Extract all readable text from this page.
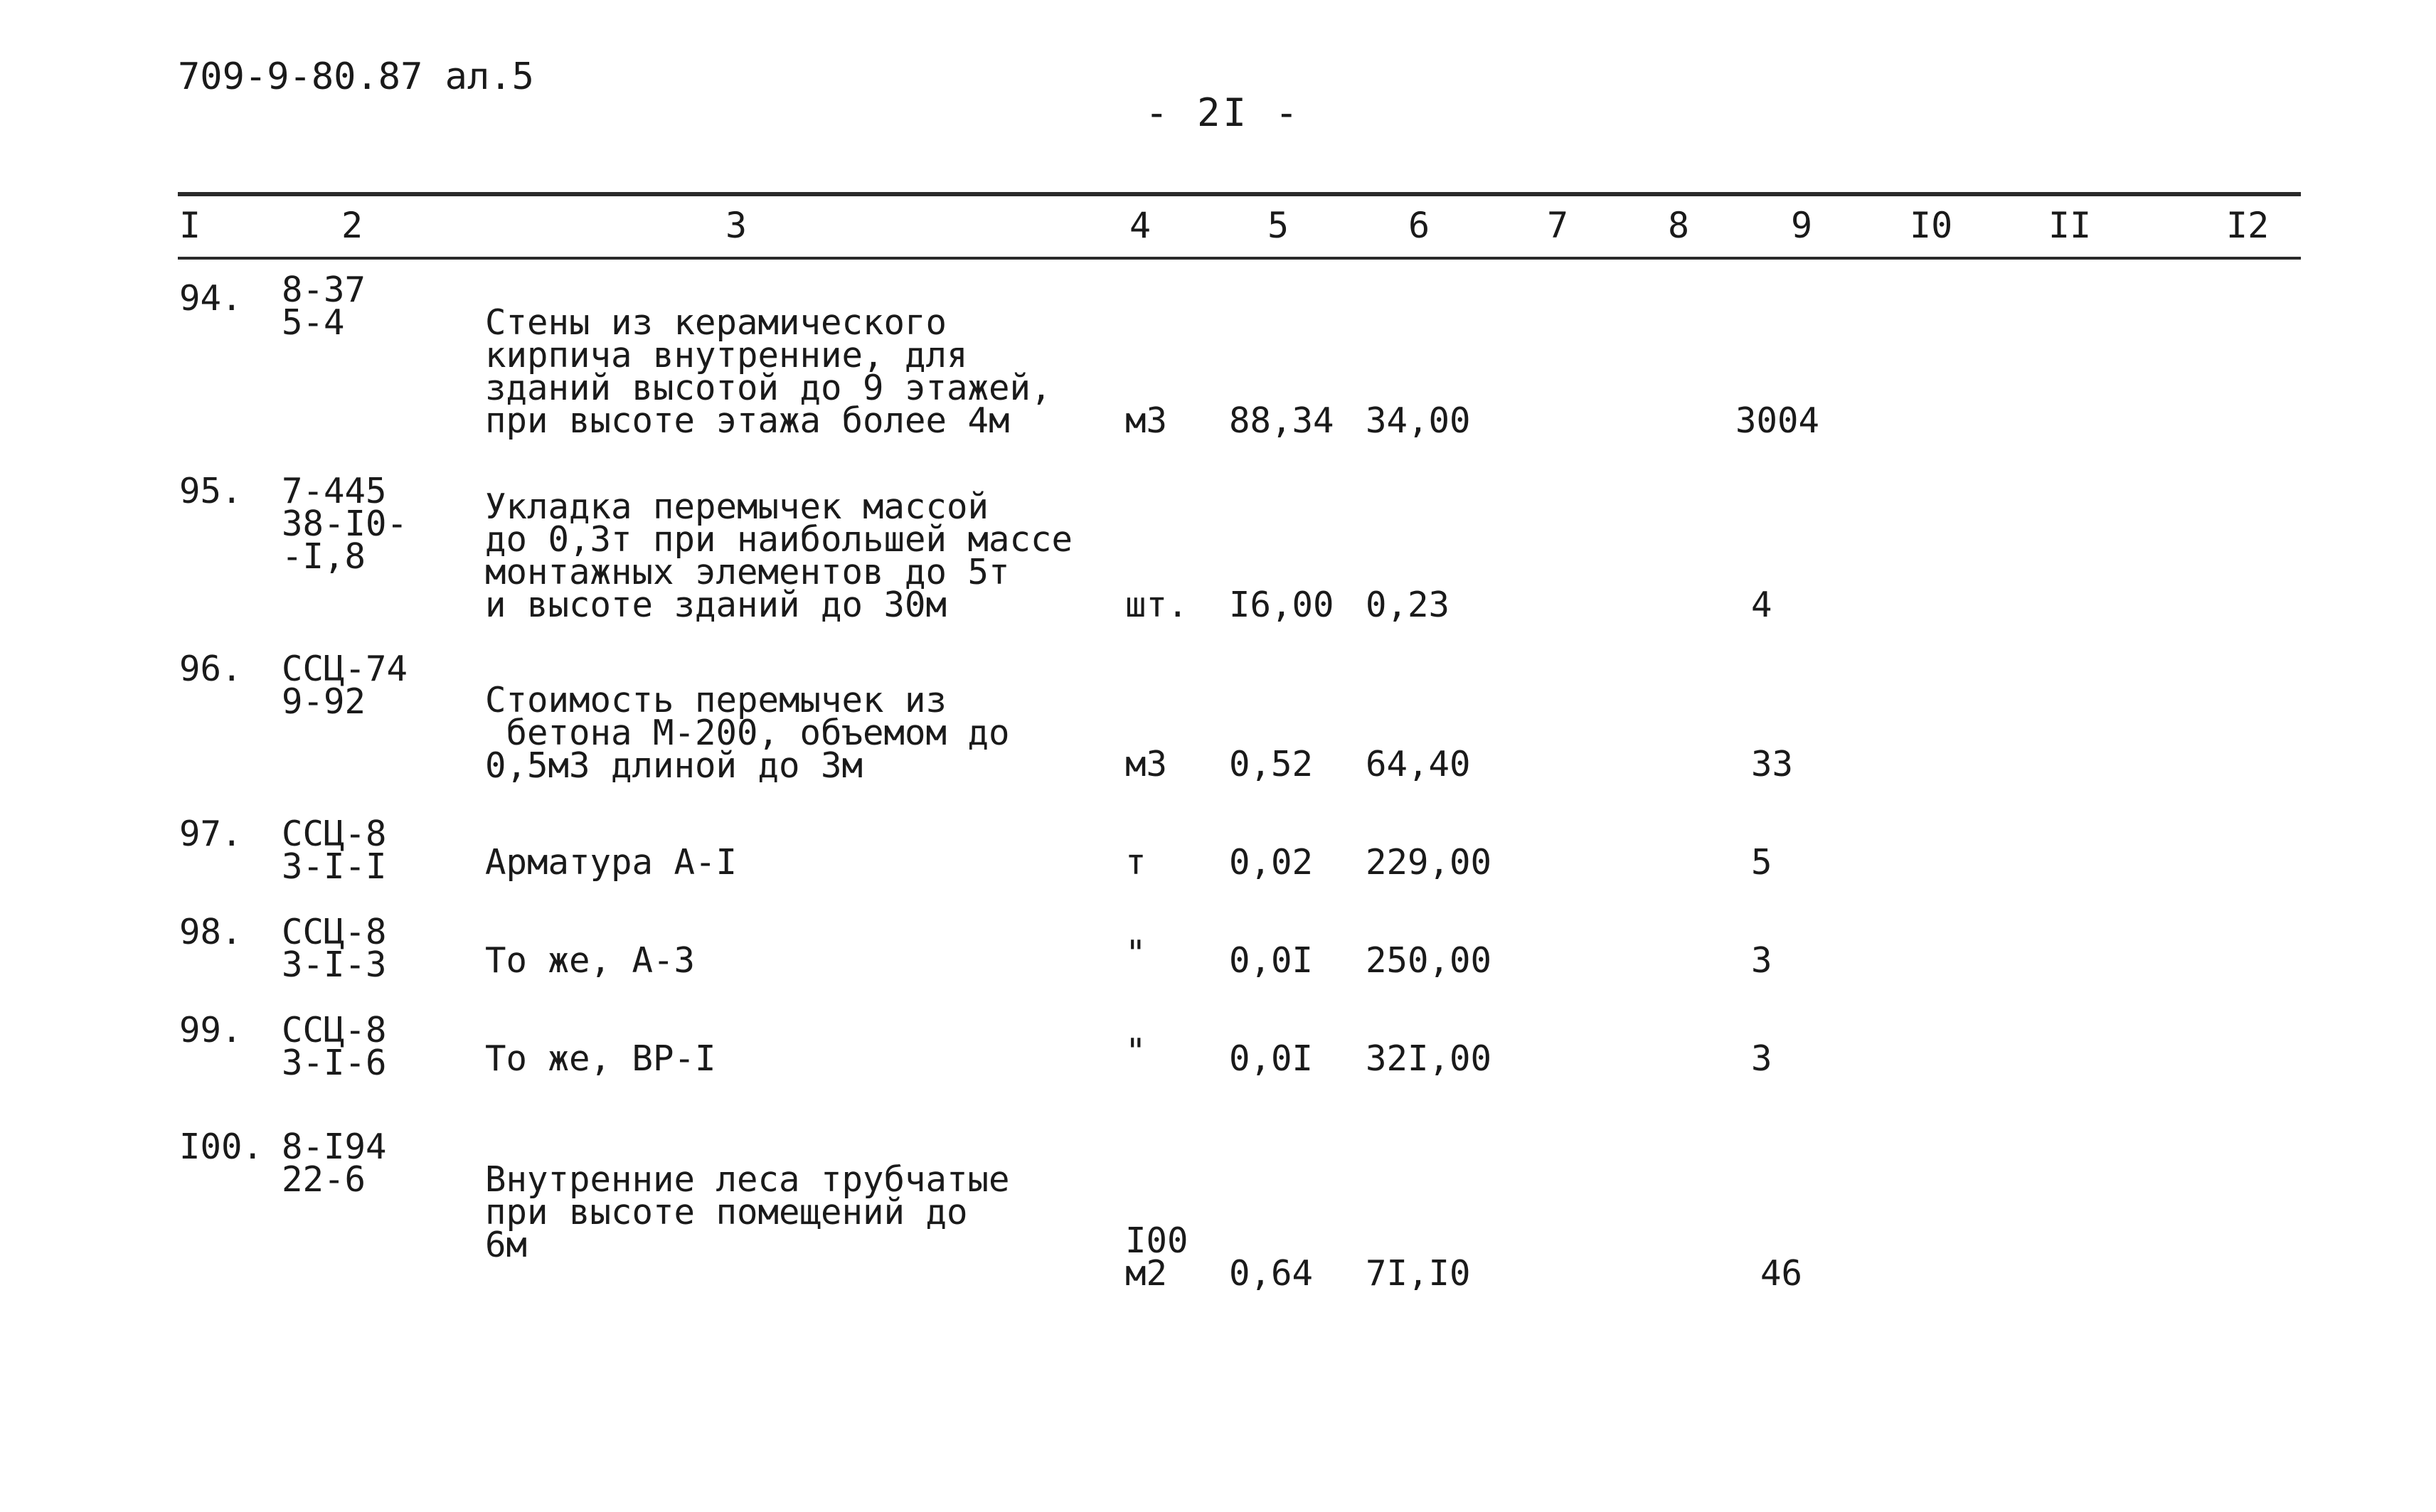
709-9-80.87 ал.5
- 2I -
I	2	3	4	5	6	7	8	9	I0	II	I2
94. 8-37
5-4	Стены из керамического
кирпича внутренние, для
зданий высотой до 9 этажей,
при высоте этажа более 4м	м3 88,34 34,00	3004
95. 7-445
38-I0-
-I,8
Укладка перемычек массой
до 0,3т при наибольшей массе
монтажных элементов до 5т
и высоте зданий до 30м	шт. I6,00 0,23	4
96. ССЦ-74
9-92	Стоимость перемычек из
бетона М-200, объемом до
0,5м3 длиной до 3м	м3 0,52 64,40	33
97. ССЦ-8
3-I-I	Арматура А-I	т 0,02 229,00	5
98. ССЦ-8
3-I-3	То же, А-3	" 0,0I 250,00	3
99. ССЦ-8
3-I-6	То же, ВР-I	" 0,0I 32I,00	3
I00. 8-I94
22-6	Внутренние леса трубчатые
при высоте помещений до
6м	I00
м2	0,64 7I,I0	46
